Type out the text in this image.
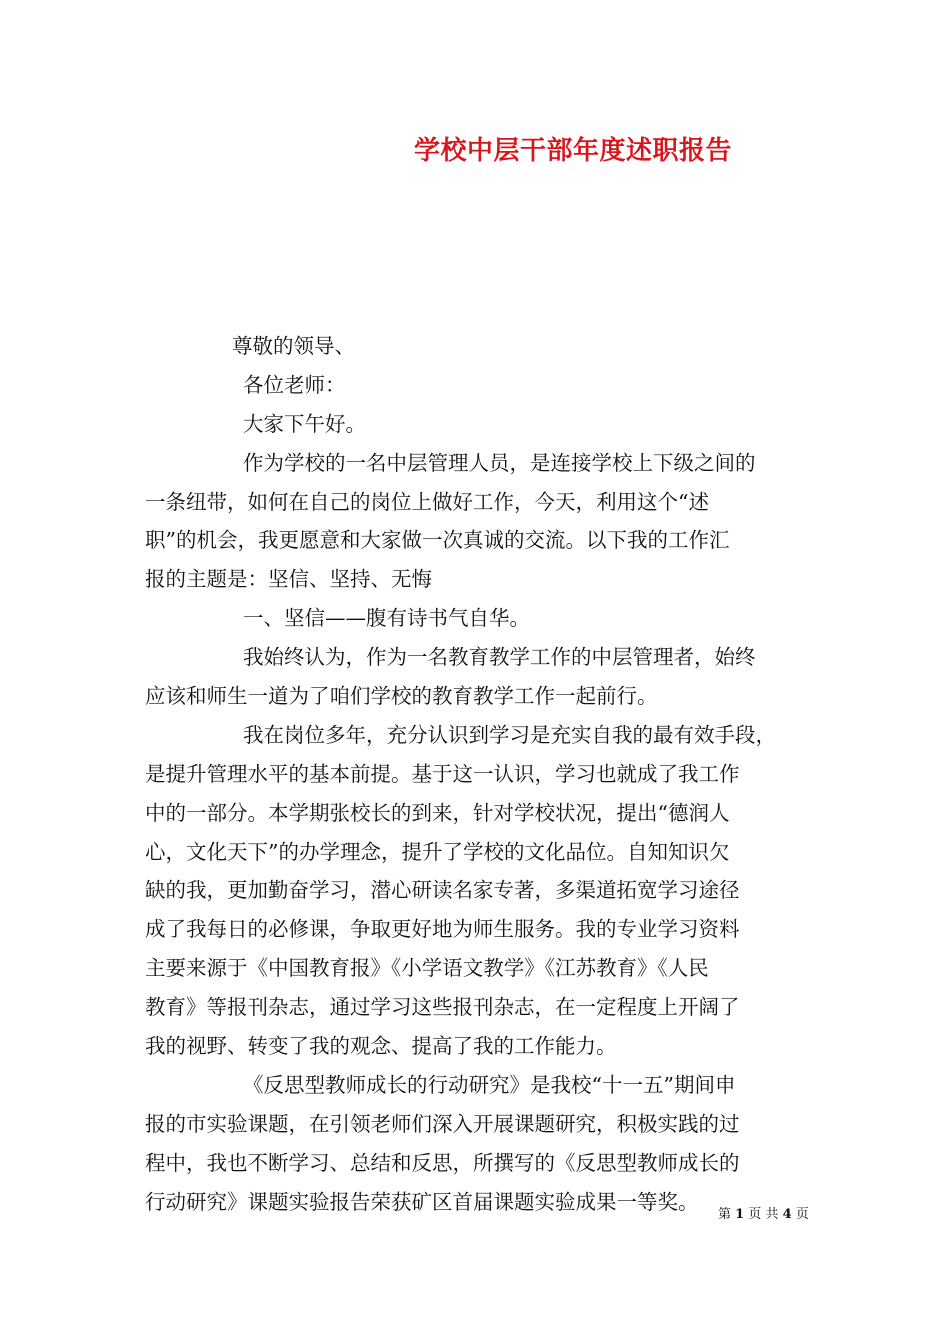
学校中层干部年度述职报告
尊敬的领导、
各位老师：
大家下午好。
作为学校的一名中层管理人员，是连接学校上下级之间的
一条纽带，如何在自己的岗位上做好工作，今天，利用这个“述
职”的机会，我更愿意和大家做一次真诚的交流。以下我的工作汇
报的主题是：坚信、坚持、无悔
一、坚信——腹有诗书气自华。
我始终认为，作为一名教育教学工作的中层管理者，始终
应该和师生一道为了咱们学校的教育教学工作一起前行。
我在岗位多年，充分认识到学习是充实自我的最有效手段，
是提升管理水平的基本前提。基于这一认识，学习也就成了我工作
中的一部分。本学期张校长的到来，针对学校状况，提出“德润人
心，文化天下”的办学理念，提升了学校的文化品位。自知知识欠
缺的我，更加勤奋学习，潜心研读名家专著，多渠道拓宽学习途径
成了我每日的必修课，争取更好地为师生服务。我的专业学习资料
主要来源于《中国教育报》《小学语文教学》《江苏教育》《人民
教育》等报刊杂志，通过学习这些报刊杂志，在一定程度上开阔了
我的视野、转变了我的观念、提高了我的工作能力。
《反思型教师成长的行动研究》是我校“十一五”期间申
报的市实验课题，在引领老师们深入开展课题研究，积极实践的过
程中，我也不断学习、总结和反思，所撰写的《反思型教师成长的
行动研究》课题实验报告荣获矿区首届课题实验成果一等奖。
第 1 页 共 4 页
